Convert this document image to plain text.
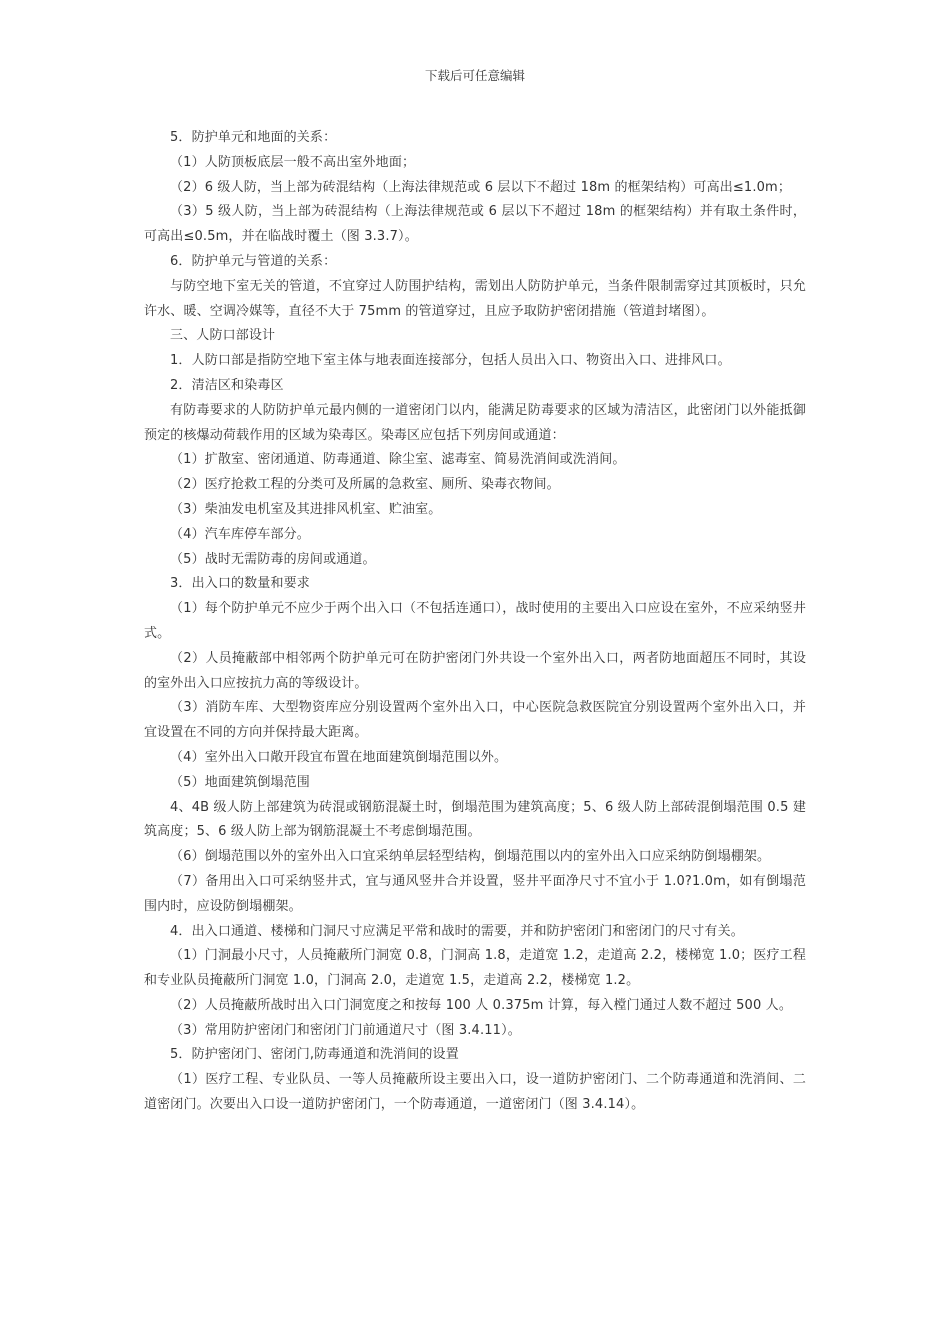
下载后可任意编辑

5．防护单元和地面的关系：

（1）人防顶板底层一般不高出室外地面；

（2）6 级人防，当上部为砖混结构（上海法律规范或 6 层以下不超过 18m 的框架结构）可高出≤1.0m；

（3）5 级人防，当上部为砖混结构（上海法律规范或 6 层以下不超过 18m 的框架结构）并有取土条件时，可高出≤0.5m，并在临战时覆土（图 3.3.7）。

6．防护单元与管道的关系：

与防空地下室无关的管道，不宜穿过人防围护结构，需划出人防防护单元，当条件限制需穿过其顶板时，只允许水、暖、空调冷媒等，直径不大于 75mm 的管道穿过，且应予取防护密闭措施（管道封堵图）。

三、人防口部设计

1．人防口部是指防空地下室主体与地表面连接部分，包括人员出入口、物资出入口、进排风口。

2．清洁区和染毒区

有防毒要求的人防防护单元最内侧的一道密闭门以内，能满足防毒要求的区域为清洁区，此密闭门以外能抵御预定的核爆动荷载作用的区域为染毒区。染毒区应包括下列房间或通道：

（1）扩散室、密闭通道、防毒通道、除尘室、滤毒室、简易洗消间或洗消间。

（2）医疗抢救工程的分类可及所属的急救室、厕所、染毒衣物间。

（3）柴油发电机室及其进排风机室、贮油室。

（4）汽车库停车部分。

（5）战时无需防毒的房间或通道。

3．出入口的数量和要求

（1）每个防护单元不应少于两个出入口（不包括连通口），战时使用的主要出入口应设在室外，不应采纳竖井式。

（2）人员掩蔽部中相邻两个防护单元可在防护密闭门外共设一个室外出入口，两者防地面超压不同时，其设的室外出入口应按抗力高的等级设计。

（3）消防车库、大型物资库应分别设置两个室外出入口，中心医院急救医院宜分别设置两个室外出入口，并宜设置在不同的方向并保持最大距离。

（4）室外出入口敞开段宜布置在地面建筑倒塌范围以外。

（5）地面建筑倒塌范围

4、4B 级人防上部建筑为砖混或钢筋混凝土时，倒塌范围为建筑高度；5、6 级人防上部砖混倒塌范围 0.5 建筑高度；5、6 级人防上部为钢筋混凝土不考虑倒塌范围。

（6）倒塌范围以外的室外出入口宜采纳单层轻型结构，倒塌范围以内的室外出入口应采纳防倒塌棚架。

（7）备用出入口可采纳竖井式，宜与通风竖井合并设置，竖井平面净尺寸不宜小于 1.0?1.0m，如有倒塌范围内时，应设防倒塌棚架。

4．出入口通道、楼梯和门洞尺寸应满足平常和战时的需要，并和防护密闭门和密闭门的尺寸有关。

（1）门洞最小尺寸，人员掩蔽所门洞宽 0.8，门洞高 1.8，走道宽 1.2，走道高 2.2，楼梯宽 1.0；医疗工程和专业队员掩蔽所门洞宽 1.0，门洞高 2.0，走道宽 1.5，走道高 2.2，楼梯宽 1.2。

（2）人员掩蔽所战时出入口门洞宽度之和按每 100 人 0.375m 计算，每入樘门通过人数不超过 500 人。

（3）常用防护密闭门和密闭门门前通道尺寸（图 3.4.11）。

5．防护密闭门、密闭门,防毒通道和洗消间的设置

（1）医疗工程、专业队员、一等人员掩蔽所设主要出入口，设一道防护密闭门、二个防毒通道和洗消间、二道密闭门。次要出入口设一道防护密闭门，一个防毒通道，一道密闭门（图 3.4.14）。
